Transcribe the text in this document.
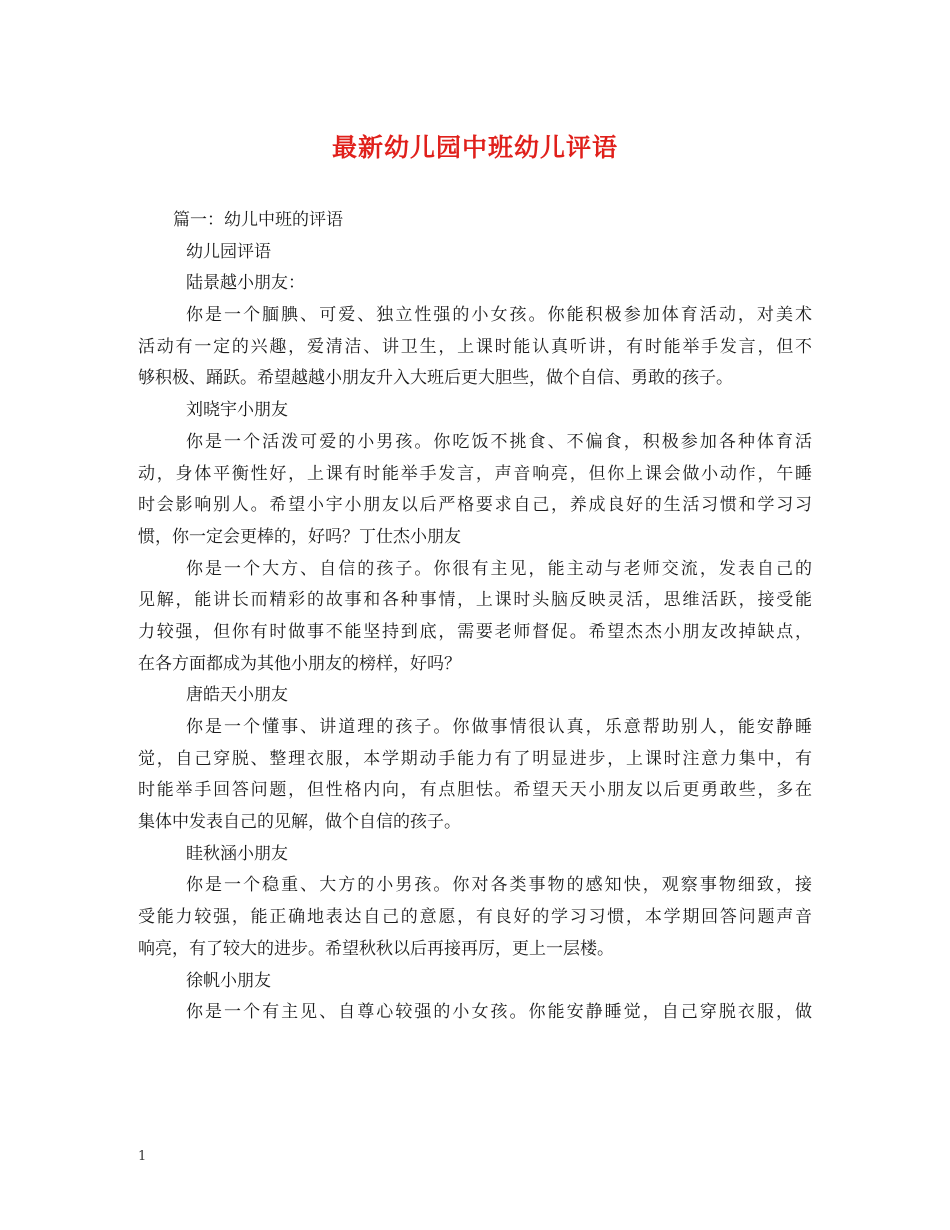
最新幼儿园中班幼儿评语

篇一：幼儿中班的评语

幼儿园评语

陆景越小朋友：

你是一个腼腆、可爱、独立性强的小女孩。你能积极参加体育活动，对美术

活动有一定的兴趣，爱清洁、讲卫生，上课时能认真听讲，有时能举手发言，但不

够积极、踊跃。希望越越小朋友升入大班后更大胆些，做个自信、勇敢的孩子。

刘晓宇小朋友

你是一个活泼可爱的小男孩。你吃饭不挑食、不偏食，积极参加各种体育活

动，身体平衡性好，上课有时能举手发言，声音响亮，但你上课会做小动作，午睡

时会影响别人。希望小宇小朋友以后严格要求自己，养成良好的生活习惯和学习习

惯，你一定会更棒的，好吗？丁仕杰小朋友

你是一个大方、自信的孩子。你很有主见，能主动与老师交流，发表自己的

见解，能讲长而精彩的故事和各种事情，上课时头脑反映灵活，思维活跃，接受能

力较强，但你有时做事不能坚持到底，需要老师督促。希望杰杰小朋友改掉缺点，

在各方面都成为其他小朋友的榜样，好吗？

唐皓天小朋友

你是一个懂事、讲道理的孩子。你做事情很认真，乐意帮助别人，能安静睡

觉，自己穿脱、整理衣服，本学期动手能力有了明显进步，上课时注意力集中，有

时能举手回答问题，但性格内向，有点胆怯。希望天天小朋友以后更勇敢些，多在

集体中发表自己的见解，做个自信的孩子。

眭秋涵小朋友

你是一个稳重、大方的小男孩。你对各类事物的感知快，观察事物细致，接

受能力较强，能正确地表达自己的意愿，有良好的学习习惯，本学期回答问题声音

响亮，有了较大的进步。希望秋秋以后再接再厉，更上一层楼。

徐帆小朋友

你是一个有主见、自尊心较强的小女孩。你能安静睡觉，自己穿脱衣服，做

1
